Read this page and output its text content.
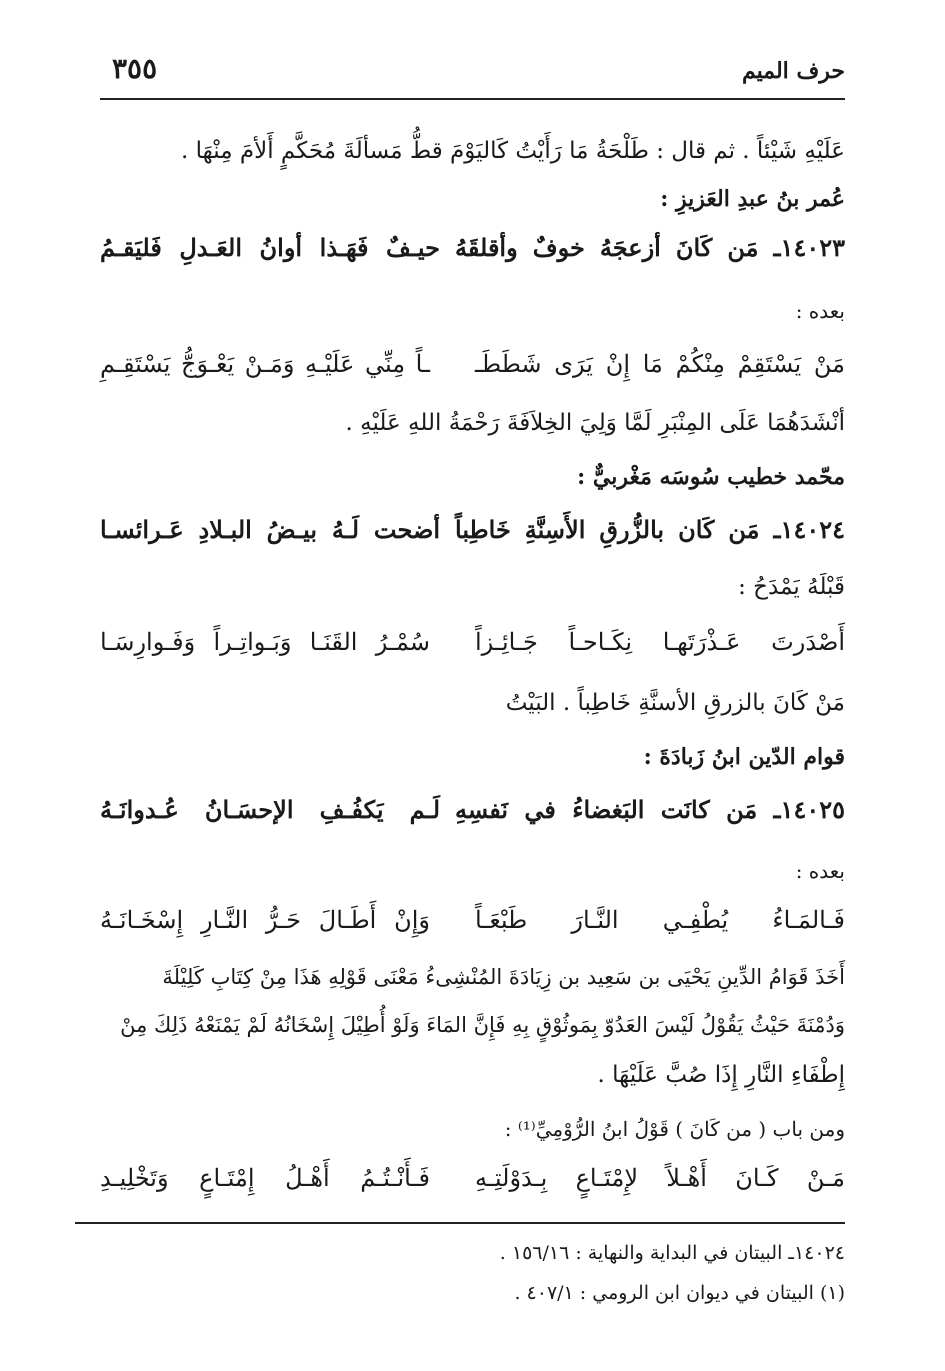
حرف الميم
٣٥٥
عَلَيْهِ شَيْئاً . ثم قال : طَلْحَةُ مَا رَأَيْتُ كَاليَوْمَ قطُّ مَسألَةَ مُحَكَّمٍ أَلأمَ مِنْهَا .
عُمر بنُ عبدِ العَزيزِ :
١٤٠٢٣ـ مَن كَانَ أزعجَهُ خوفٌ وأقلقَهُ
حيـفٌ فَهَـذا أوانُ العَـدلِ فَليَقـمُ
بعده :
مَنْ يَسْتَقِمْ مِنْكُمْ مَا إِنْ يَرَى شَطَطَـ
ـاً مِنِّي عَلَيْـهِ وَمَـنْ يَعْـوَجُّ يَسْتَقِـمِ
أنْشَدَهُمَا عَلَى المِنْبَرِ لَمَّا وَلِيَ الخِلاَفَةَ رَحْمَةُ اللهِ عَلَيْهِ .
محّمد خطيب سُوسَه مَغْربيٌّ :
١٤٠٢٤ـ مَن كَان بالزُّرقِ الأَسِنَّةِ خَاطِباً
أضحت لَـهُ بيـضُ البـلادِ عَـرائسـا
قَبْلَهُ يَمْدَحُ :
أَصْدَرتَ عَـذْرَتَهـا نِكَـاحـاً جَـائِـزاً
سُمْـرُ القَنَـا وَبَـواتِـراً وَفَـوارِسَـا
مَنْ كَانَ بالزرقِ الأسنَّةِ خَاطِباً . البَيْتُ
قوام الدّين ابنُ زَبادَةَ :
١٤٠٢٥ـ مَن كانَت البَغضاءُ في نَفسِهِ
لَـم يَكفُـفِ الإحسَـانُ عُـدوانَـهُ
بعده :
فَـالمَـاءُ يُطْفِـي النَّـارَ طَبْعَـاً
وَإِنْ أَطَـالَ حَـرُّ النَّـارِ إِسْخَـانَـهُ
أَخَذَ قَوَامُ الدِّينِ يَحْيَى بن سَعِيد بن زِيَادَةَ المُنْشِىءُ مَعْنَى قَوْلِهِ هَذَا مِنْ كِتَابِ كَلِيْلَةَ
وَدُمْنَةَ حَيْثُ يَقُوْلُ لَيْسَ العَدُوّ بِمَوثُوْقٍ بِهِ فَإِنَّ المَاءَ وَلَوْ أُطِيْلَ إِسْخَانُهُ لَمْ يَمْنَعْهُ ذَلِكَ مِنْ
إِطْفَاءِ النَّارِ إِذَا صُبَّ عَلَيْهَا .
ومن باب ( من كَانَ ) قَوْلُ ابنُ الرُّوْمِيِّ⁽¹⁾ :
مَـنْ كَـانَ أَهْـلاً لإِمْتَـاعٍ بِـدَوْلَتِـهِ
فَـأَنْـتُـمُ أَهْـلُ إِمْتَـاعٍ وَتَخْلِيـدِ
١٤٠٢٤ـ البيتان في البداية والنهاية : ١٥٦/١٦ .
(١) البيتان في ديوان ابن الرومي : ٤٠٧/١ .
